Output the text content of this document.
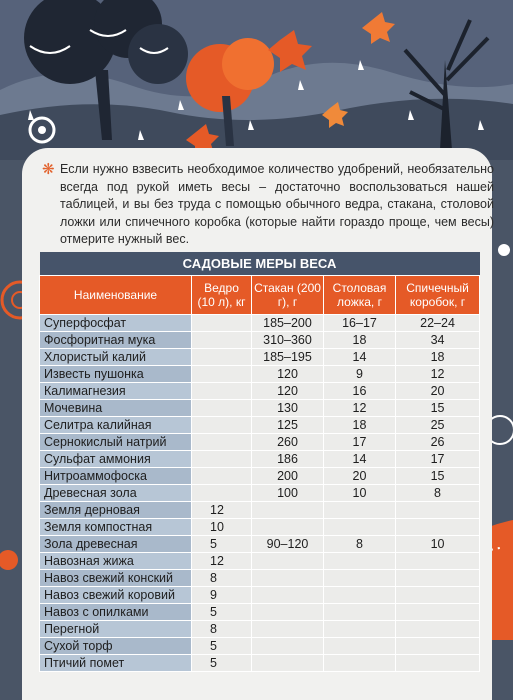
❋ Если нужно взвесить необходимое количество удобрений, необязательно всегда под рукой иметь весы – достаточно воспользоваться нашей таблицей, и вы без труда с помощью обычного ведра, стакана, столовой ложки или спичечного коробка (которые найти гораздо проще, чем весы) отмерите нужный вес.

САДОВЫЕ МЕРЫ ВЕСА				
Наименование	Ведро (10 л), кг	Стакан (200 г), г	Столовая ложка, г	Спичечный коробок, г
Суперфосфат		185–200	16–17	22–24
Фосфоритная мука		310–360	18	34
Хлористый калий		185–195	14	18
Известь пушонка		120	9	12
Калимагнезия		120	16	20
Мочевина		130	12	15
Селитра калийная		125	18	25
Сернокислый натрий		260	17	26
Сульфат аммония		186	14	17
Нитроаммофоска		200	20	15
Древесная зола		100	10	8
Земля дерновая	12			
Земля компостная	10			
Зола древесная	5	90–120	8	10
Навозная жижа	12			
Навоз свежий конский	8			
Навоз свежий коровий	9			
Навоз с опилками	5			
Перегной	8			
Сухой торф	5			
Птичий помет	5			
